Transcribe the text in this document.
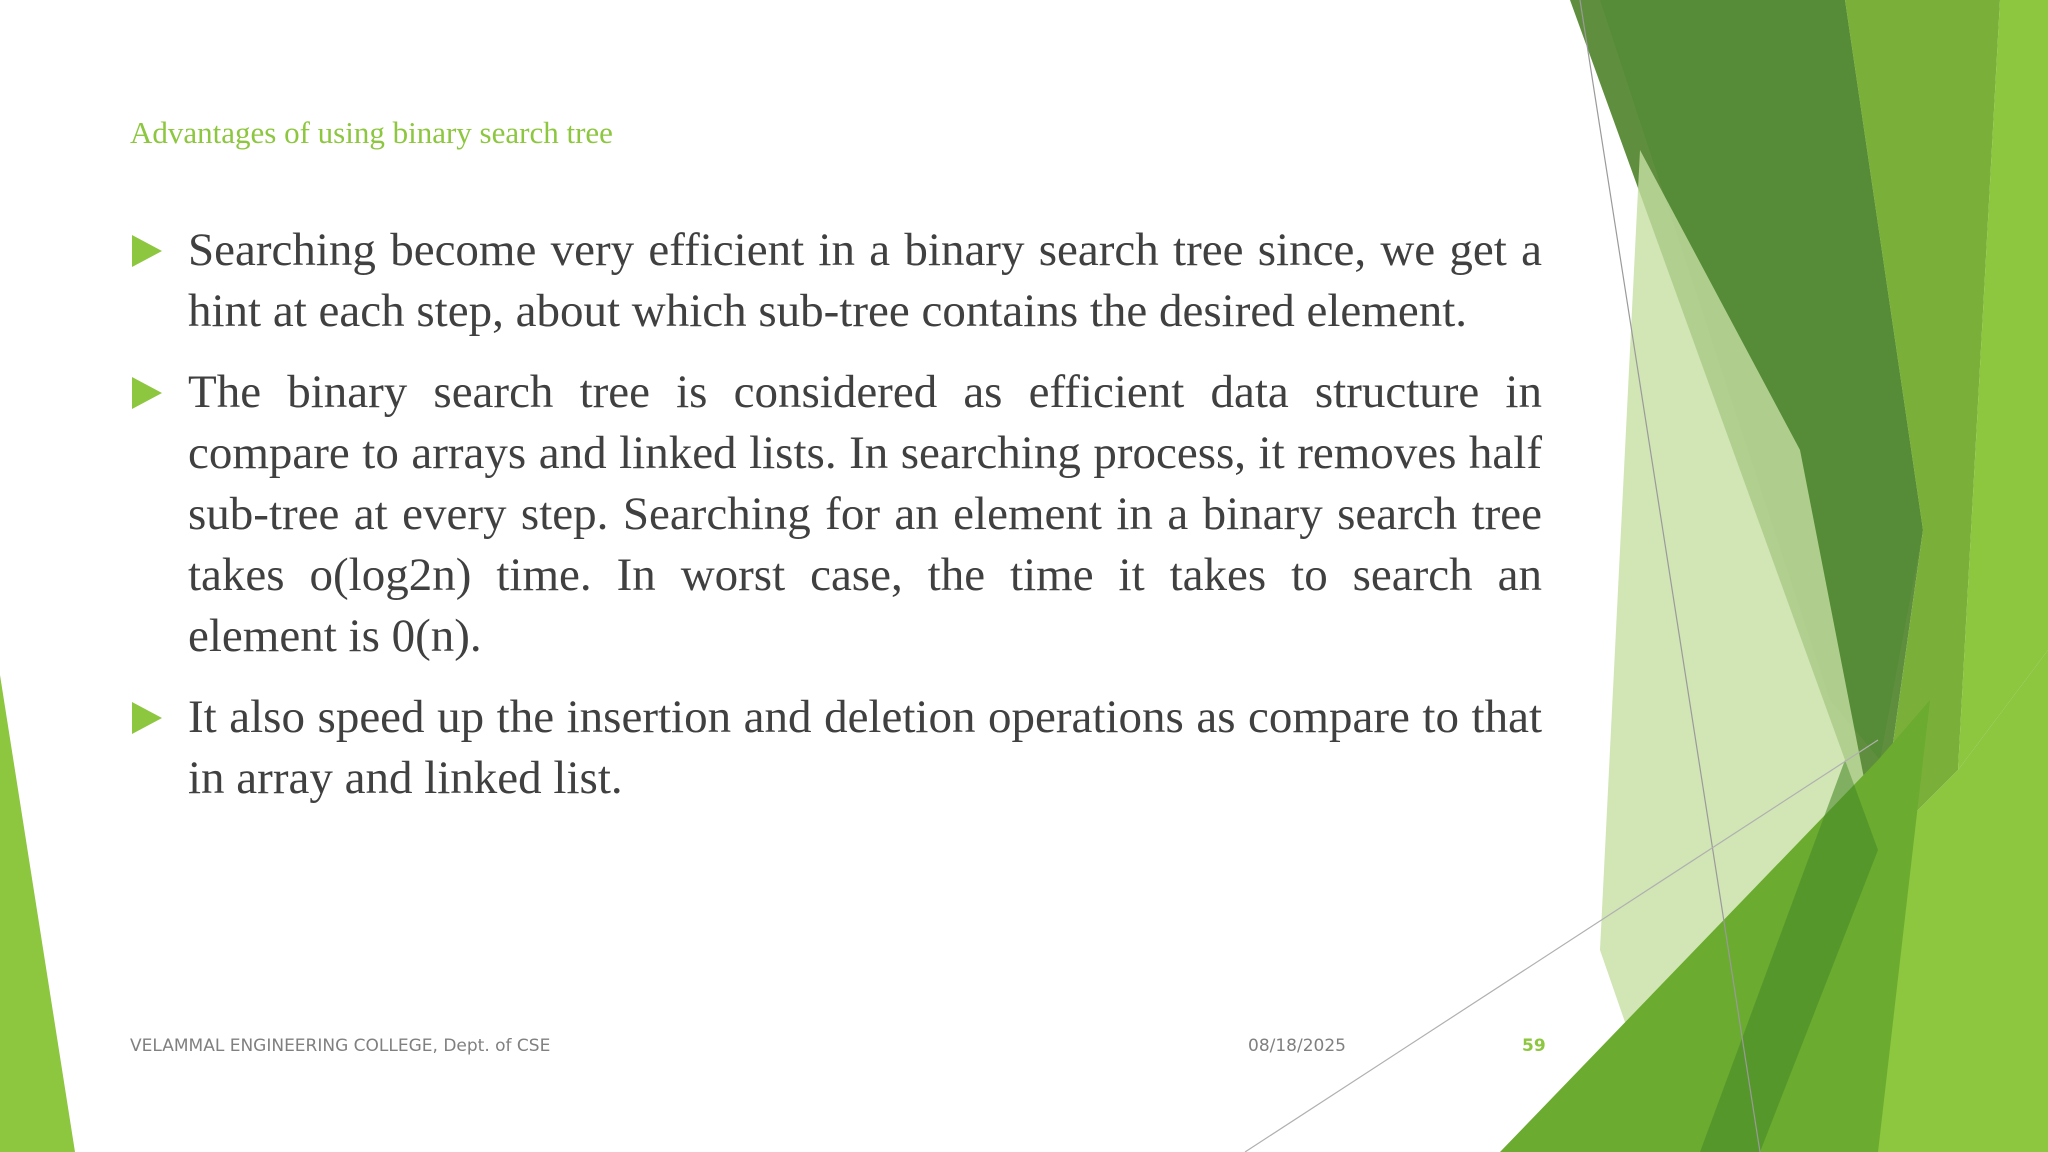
Advantages of using binary search tree
Searching become very efficient in a binary search tree since, we get a hint at each step, about which sub-tree contains the desired element.
The binary search tree is considered as efficient data structure in compare to arrays and linked lists. In searching process, it removes half sub-tree at every step. Searching for an element in a binary search tree takes o(log2n) time. In worst case, the time it takes to search an element is 0(n).
It also speed up the insertion and deletion operations as compare to that in array and linked list.
VELAMMAL ENGINEERING COLLEGE, Dept. of CSE	08/18/2025	59
